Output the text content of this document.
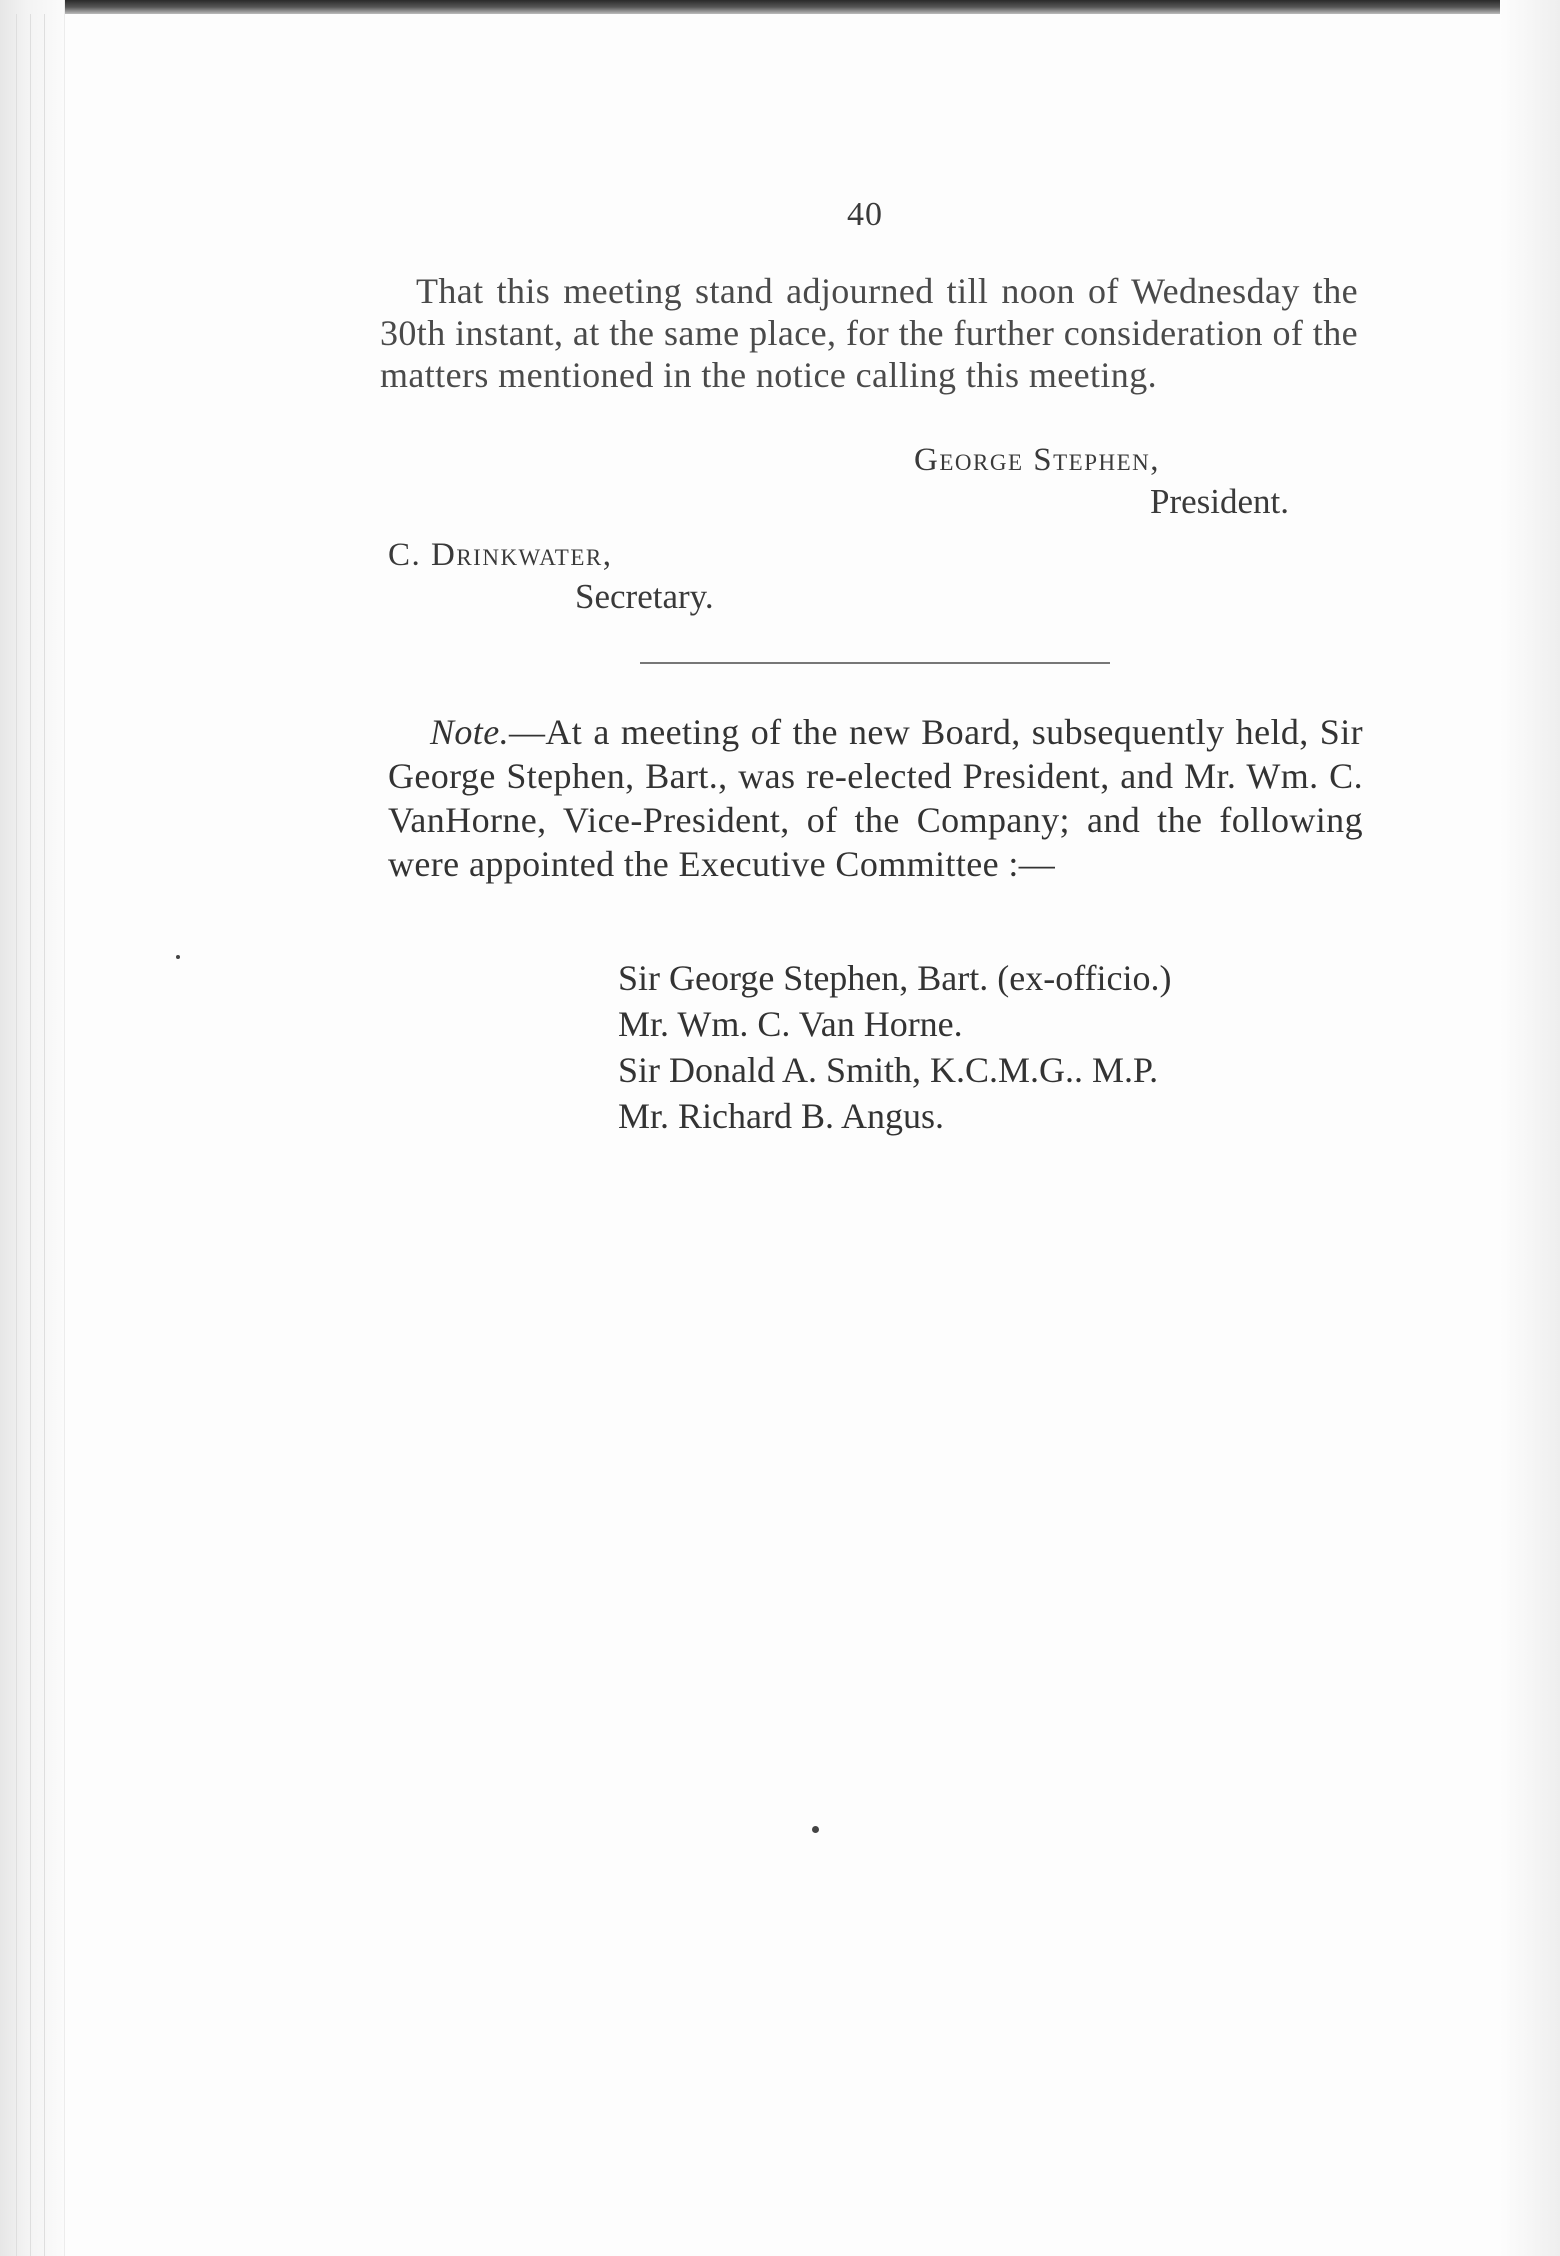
40

That this meeting stand adjourned till noon of Wednesday the 30th instant, at the same place, for the further consideration of the matters mentioned in the notice calling this meeting.

George Stephen,
President.
C. Drinkwater,
Secretary.

Note.—At a meeting of the new Board, subsequently held, Sir George Stephen, Bart., was re-elected President, and Mr. Wm. C. VanHorne, Vice-President, of the Company; and the following were appointed the Executive Committee :—

Sir George Stephen, Bart. (ex-officio.)
Mr. Wm. C. Van Horne.
Sir Donald A. Smith, K.C.M.G.. M.P.
Mr. Richard B. Angus.
